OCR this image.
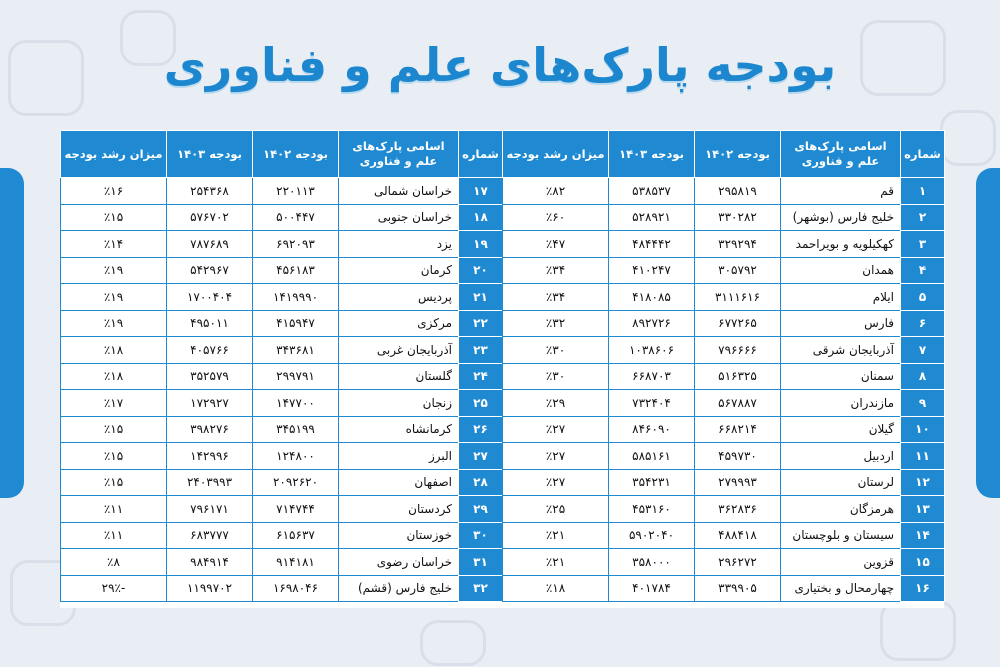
بودجه پارک‌های علم و فناوری
شماره	اسامی پارک‌های علم و فناوری	بودجه ۱۴۰۲	بودجه ۱۴۰۳	میزان رشد بودجه	شماره	اسامی پارک‌های علم و فناوری	بودجه ۱۴۰۲	بودجه ۱۴۰۳	میزان رشد بودجه
۱	قم	۲۹۵۸۱۹	۵۳۸۵۳۷	٪۸۲	۱۷	خراسان شمالی	۲۲۰۱۱۳	۲۵۴۳۶۸	٪۱۶
۲	خلیج فارس (بوشهر)	۳۳۰۲۸۲	۵۲۸۹۲۱	٪۶۰	۱۸	خراسان جنوبی	۵۰۰۴۴۷	۵۷۶۷۰۲	٪۱۵
۳	کهکیلویه و بویراحمد	۳۲۹۲۹۴	۴۸۴۴۴۲	٪۴۷	۱۹	یزد	۶۹۲۰۹۳	۷۸۷۶۸۹	٪۱۴
۴	همدان	۳۰۵۷۹۲	۴۱۰۲۴۷	٪۳۴	۲۰	کرمان	۴۵۶۱۸۳	۵۴۲۹۶۷	٪۱۹
۵	ایلام	۳۱۱۱۶۱۶	۴۱۸۰۸۵	٪۳۴	۲۱	پردیس	۱۴۱۹۹۹۰	۱۷۰۰۴۰۴	٪۱۹
۶	فارس	۶۷۷۲۶۵	۸۹۲۷۲۶	٪۳۲	۲۲	مرکزی	۴۱۵۹۴۷	۴۹۵۰۱۱	٪۱۹
۷	آذربایجان شرقی	۷۹۶۶۶۶	۱۰۳۸۶۰۶	٪۳۰	۲۳	آذربایجان غربی	۳۴۳۶۸۱	۴۰۵۷۶۶	٪۱۸
۸	سمنان	۵۱۶۳۲۵	۶۶۸۷۰۳	٪۳۰	۲۴	گلستان	۲۹۹۷۹۱	۳۵۲۵۷۹	٪۱۸
۹	مازندران	۵۶۷۸۸۷	۷۳۲۴۰۴	٪۲۹	۲۵	زنجان	۱۴۷۷۰۰	۱۷۲۹۲۷	٪۱۷
۱۰	گیلان	۶۶۸۲۱۴	۸۴۶۰۹۰	٪۲۷	۲۶	کرمانشاه	۳۴۵۱۹۹	۳۹۸۲۷۶	٪۱۵
۱۱	اردبیل	۴۵۹۷۳۰	۵۸۵۱۶۱	٪۲۷	۲۷	البرز	۱۲۴۸۰۰	۱۴۲۹۹۶	٪۱۵
۱۲	لرستان	۲۷۹۹۹۳	۳۵۴۲۳۱	٪۲۷	۲۸	اصفهان	۲۰۹۲۶۲۰	۲۴۰۳۹۹۳	٪۱۵
۱۳	هرمزگان	۳۶۲۸۳۶	۴۵۳۱۶۰	٪۲۵	۲۹	کردستان	۷۱۴۷۴۴	۷۹۶۱۷۱	٪۱۱
۱۴	سیستان و بلوچستان	۴۸۸۴۱۸	۵۹۰۲۰۴۰	٪۲۱	۳۰	خوزستان	۶۱۵۶۳۷	۶۸۳۷۷۷	٪۱۱
۱۵	قزوین	۲۹۶۲۷۲	۳۵۸۰۰۰	٪۲۱	۳۱	خراسان رضوی	۹۱۴۱۸۱	۹۸۴۹۱۴	٪۸
۱۶	چهارمحال و بختیاری	۳۳۹۹۰۵	۴۰۱۷۸۴	٪۱۸	۳۲	خلیج فارس (قشم)	۱۶۹۸۰۴۶	۱۱۹۹۷۰۲	-۲۹٪
